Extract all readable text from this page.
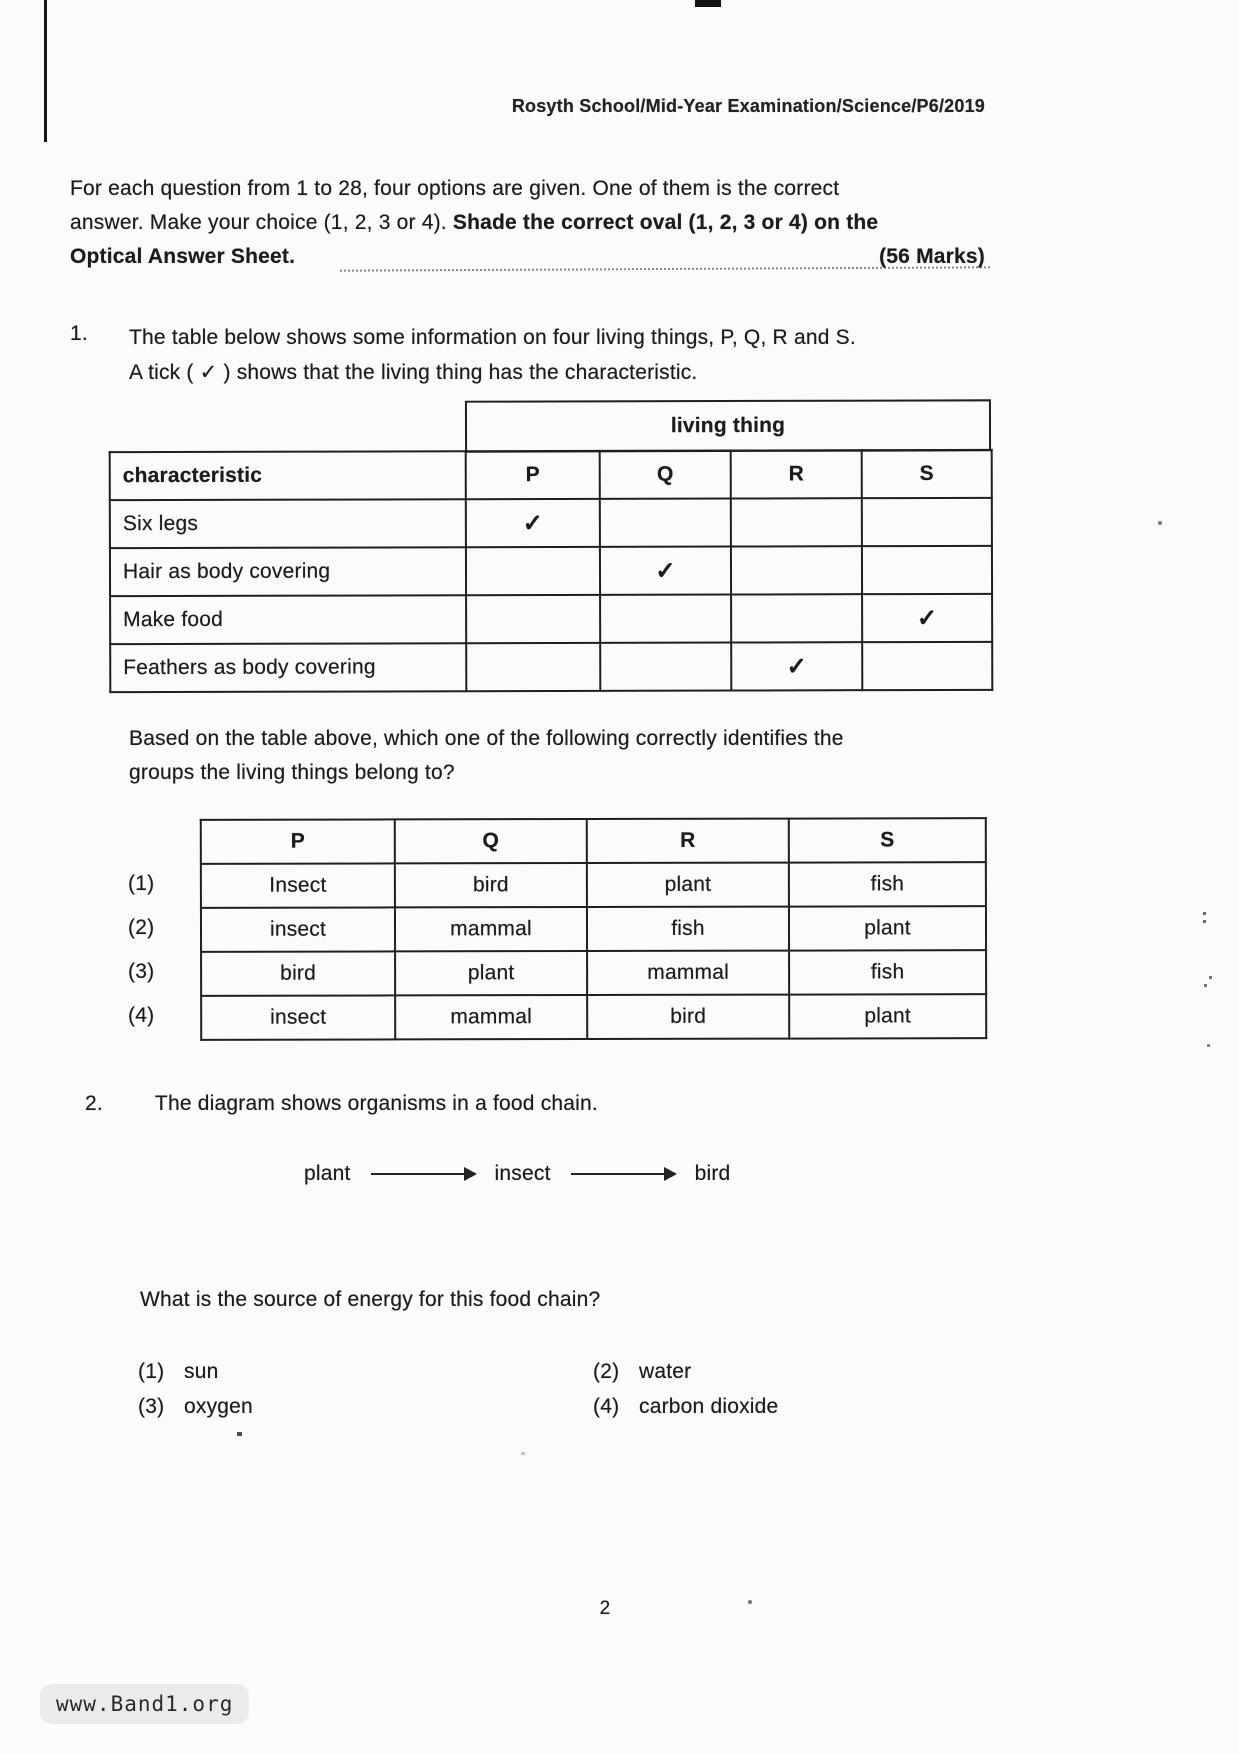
Rosyth School/Mid-Year Examination/Science/P6/2019
For each question from 1 to 28, four options are given. One of them is the correct
answer. Make your choice (1, 2, 3 or 4). Shade the correct oval (1, 2, 3 or 4) on the
Optical Answer Sheet.	(56 Marks)
1. The table below shows some information on four living things, P, Q, R and S.
A tick ( ✓ ) shows that the living thing has the characteristic.
living thing
characteristic	P	Q	R	S
Six legs	✓			
Hair as body covering		✓		
Make food				✓
Feathers as body covering			✓	
Based on the table above, which one of the following correctly identifies the
groups the living things belong to?
(1)
(2)
(3)
(4)
P	Q	R	S
Insect	bird	plant	fish
insect	mammal	fish	plant
bird	plant	mammal	fish
insect	mammal	bird	plant
2. The diagram shows organisms in a food chain.
plant	insect	bird
What is the source of energy for this food chain?
(1) sun	(2) water
(3) oxygen	(4) carbon dioxide
2
www.Band1.org
